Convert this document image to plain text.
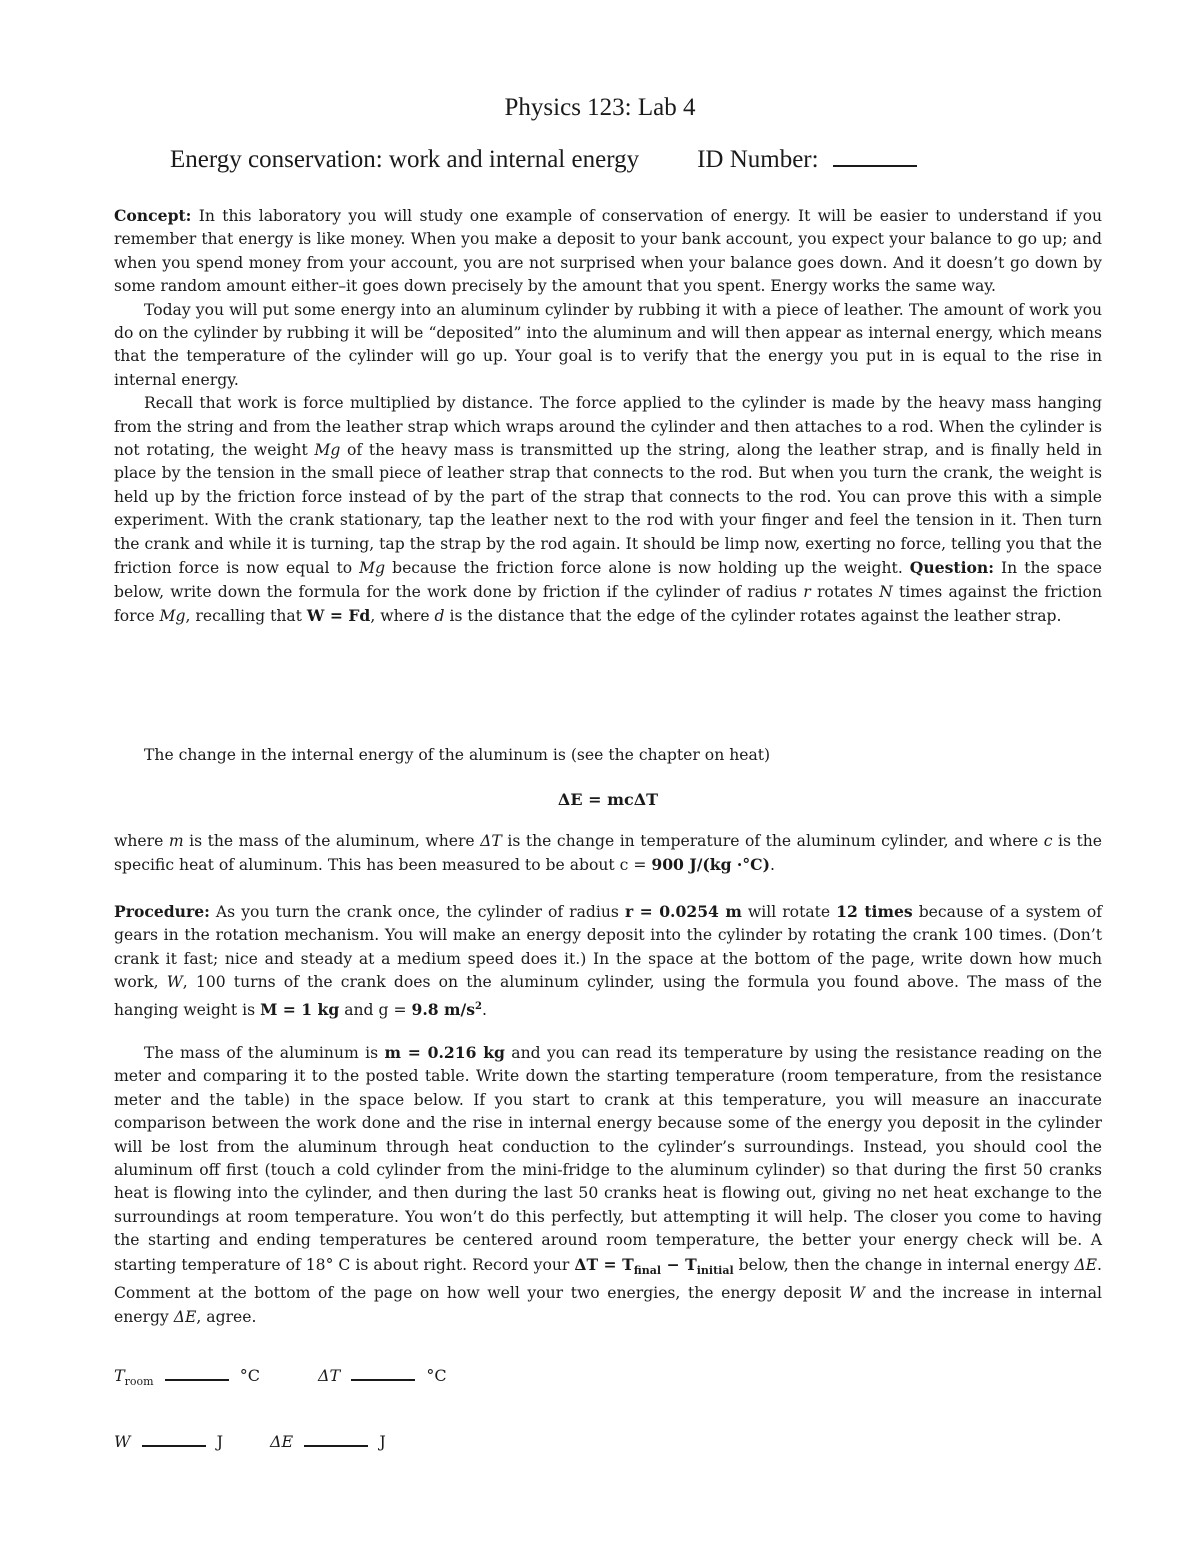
Physics 123: Lab 4
Energy conservation: work and internal energy ID Number:

Concept: In this laboratory you will study one example of conservation of energy. It will be easier to understand if you remember that energy is like money. When you make a deposit to your bank account, you expect your balance to go up; and when you spend money from your account, you are not surprised when your balance goes down. And it doesn’t go down by some random amount either–it goes down precisely by the amount that you spent. Energy works the same way.

Today you will put some energy into an aluminum cylinder by rubbing it with a piece of leather. The amount of work you do on the cylinder by rubbing it will be “deposited” into the aluminum and will then appear as internal energy, which means that the temperature of the cylinder will go up. Your goal is to verify that the energy you put in is equal to the rise in internal energy.

Recall that work is force multiplied by distance. The force applied to the cylinder is made by the heavy mass hanging from the string and from the leather strap which wraps around the cylinder and then attaches to a rod. When the cylinder is not rotating, the weight Mg of the heavy mass is transmitted up the string, along the leather strap, and is finally held in place by the tension in the small piece of leather strap that connects to the rod. But when you turn the crank, the weight is held up by the friction force instead of by the part of the strap that connects to the rod. You can prove this with a simple experiment. With the crank stationary, tap the leather next to the rod with your finger and feel the tension in it. Then turn the crank and while it is turning, tap the strap by the rod again. It should be limp now, exerting no force, telling you that the friction force is now equal to Mg because the friction force alone is now holding up the weight. Question: In the space below, write down the formula for the work done by friction if the cylinder of radius r rotates N times against the friction force Mg, recalling that W = Fd, where d is the distance that the edge of the cylinder rotates against the leather strap.

The change in the internal energy of the aluminum is (see the chapter on heat)

ΔE = mcΔT

where m is the mass of the aluminum, where ΔT is the change in temperature of the aluminum cylinder, and where c is the specific heat of aluminum. This has been measured to be about c = 900 J/(kg ·°C).

Procedure: As you turn the crank once, the cylinder of radius r = 0.0254 m will rotate 12 times because of a system of gears in the rotation mechanism. You will make an energy deposit into the cylinder by rotating the crank 100 times. (Don’t crank it fast; nice and steady at a medium speed does it.) In the space at the bottom of the page, write down how much work, W, 100 turns of the crank does on the aluminum cylinder, using the formula you found above. The mass of the hanging weight is M = 1 kg and g = 9.8 $m/s^2$.

The mass of the aluminum is m = 0.216 kg and you can read its temperature by using the resistance reading on the meter and comparing it to the posted table. Write down the starting temperature (room temperature, from the resistance meter and the table) in the space below. If you start to crank at this temperature, you will measure an inaccurate comparison between the work done and the rise in internal energy because some of the energy you deposit in the cylinder will be lost from the aluminum through heat conduction to the cylinder’s surroundings. Instead, you should cool the aluminum off first (touch a cold cylinder from the mini-fridge to the aluminum cylinder) so that during the first 50 cranks heat is flowing into the cylinder, and then during the last 50 cranks heat is flowing out, giving no net heat exchange to the surroundings at room temperature. You won’t do this perfectly, but attempting it will help. The closer you come to having the starting and ending temperatures be centered around room temperature, the better your energy check will be. A starting temperature of 18° C is about right. Record your $\Delta T = T_{final} - T_{initial}$ below, then the change in internal energy ΔE. Comment at the bottom of the page on how well your two energies, the energy deposit W and the increase in internal energy ΔE, agree.

$T_{room}$	°C	ΔT	°C
W	J	ΔE	J
